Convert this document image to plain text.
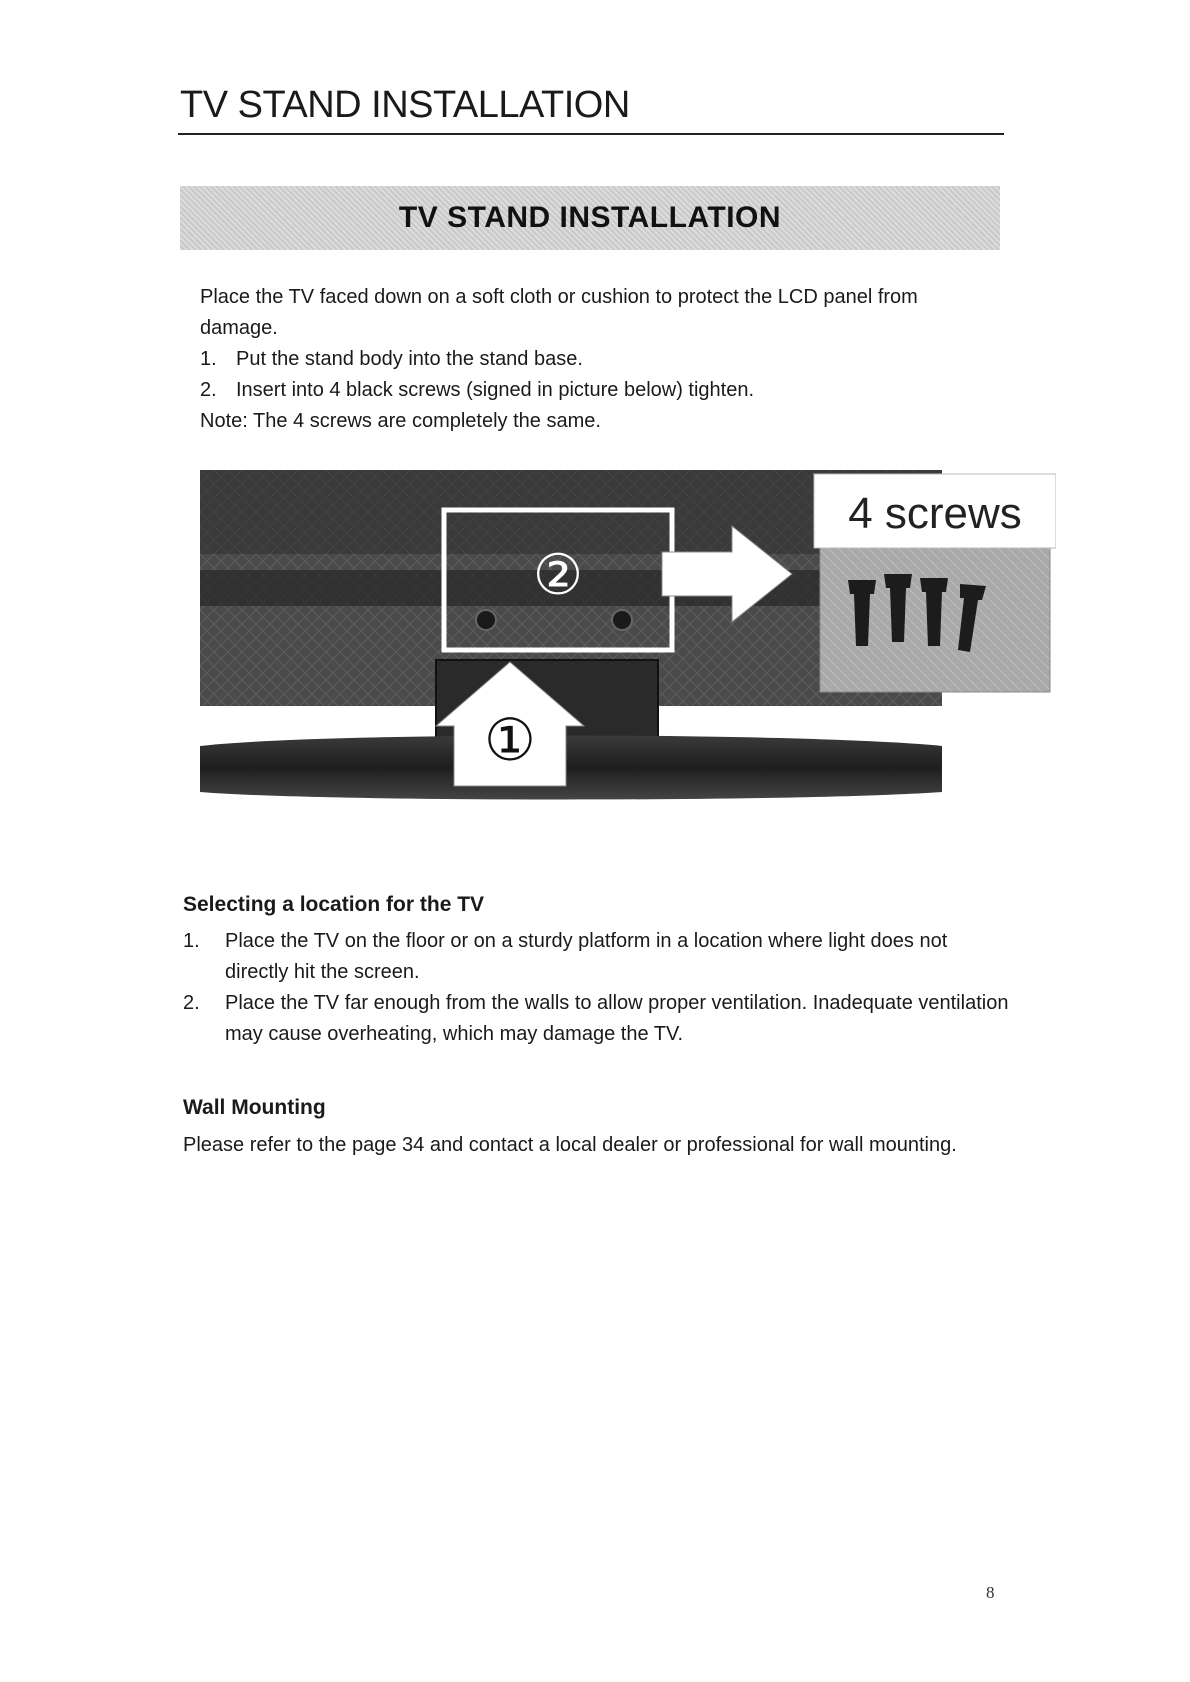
TV STAND INSTALLATION
TV STAND INSTALLATION
Place the TV faced down on a soft cloth or cushion to protect the LCD panel from damage.
1. Put the stand body into the stand base.
2. Insert into 4 black screws (signed in picture below) tighten.
Note: The 4 screws are completely the same.
4 screws
②
①
Selecting a location for the TV
1.	Place the TV on the floor or on a sturdy platform in a location where light does not directly hit the screen.
2.	Place the TV far enough from the walls to allow proper ventilation. Inadequate ventilation may cause overheating, which may damage the TV.
Wall Mounting
Please refer to the page 34 and contact a local dealer or professional for wall mounting.
8
